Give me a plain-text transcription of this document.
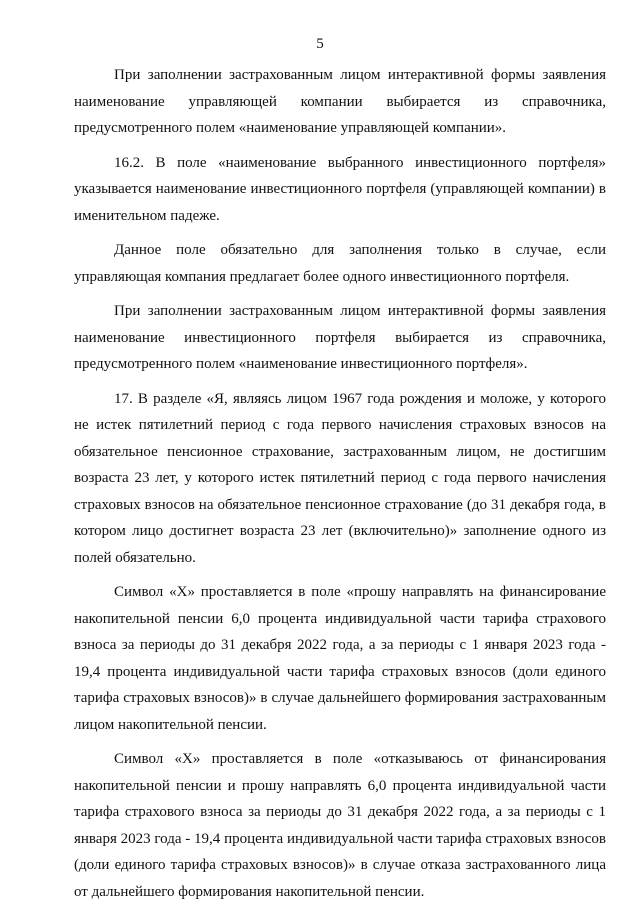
5

При заполнении застрахованным лицом интерактивной формы заявления наименование управляющей компании выбирается из справочника, предусмотренного полем «наименование управляющей компании».

16.2. В поле «наименование выбранного инвестиционного портфеля» указывается наименование инвестиционного портфеля (управляющей компании) в именительном падеже.

Данное поле обязательно для заполнения только в случае, если управляющая компания предлагает более одного инвестиционного портфеля.

При заполнении застрахованным лицом интерактивной формы заявления наименование инвестиционного портфеля выбирается из справочника, предусмотренного полем «наименование инвестиционного портфеля».

17. В разделе «Я, являясь лицом 1967 года рождения и моложе, у которого не истек пятилетний период с года первого начисления страховых взносов на обязательное пенсионное страхование, застрахованным лицом, не достигшим возраста 23 лет, у которого истек пятилетний период с года первого начисления страховых взносов на обязательное пенсионное страхование (до 31 декабря года, в котором лицо достигнет возраста 23 лет (включительно)» заполнение одного из полей обязательно.

Символ «Х» проставляется в поле «прошу направлять на финансирование накопительной пенсии 6,0 процента индивидуальной части тарифа страхового взноса за периоды до 31 декабря 2022 года, а за периоды с 1 января 2023 года - 19,4 процента индивидуальной части тарифа страховых взносов (доли единого тарифа страховых взносов)» в случае дальнейшего формирования застрахованным лицом накопительной пенсии.

Символ «Х» проставляется в поле «отказываюсь от финансирования накопительной пенсии и прошу направлять 6,0 процента индивидуальной части тарифа страхового взноса за периоды до 31 декабря 2022 года, а за периоды с 1 января 2023 года - 19,4 процента индивидуальной части тарифа страховых взносов (доли единого тарифа страховых взносов)» в случае отказа застрахованного лица от дальнейшего формирования накопительной пенсии.
